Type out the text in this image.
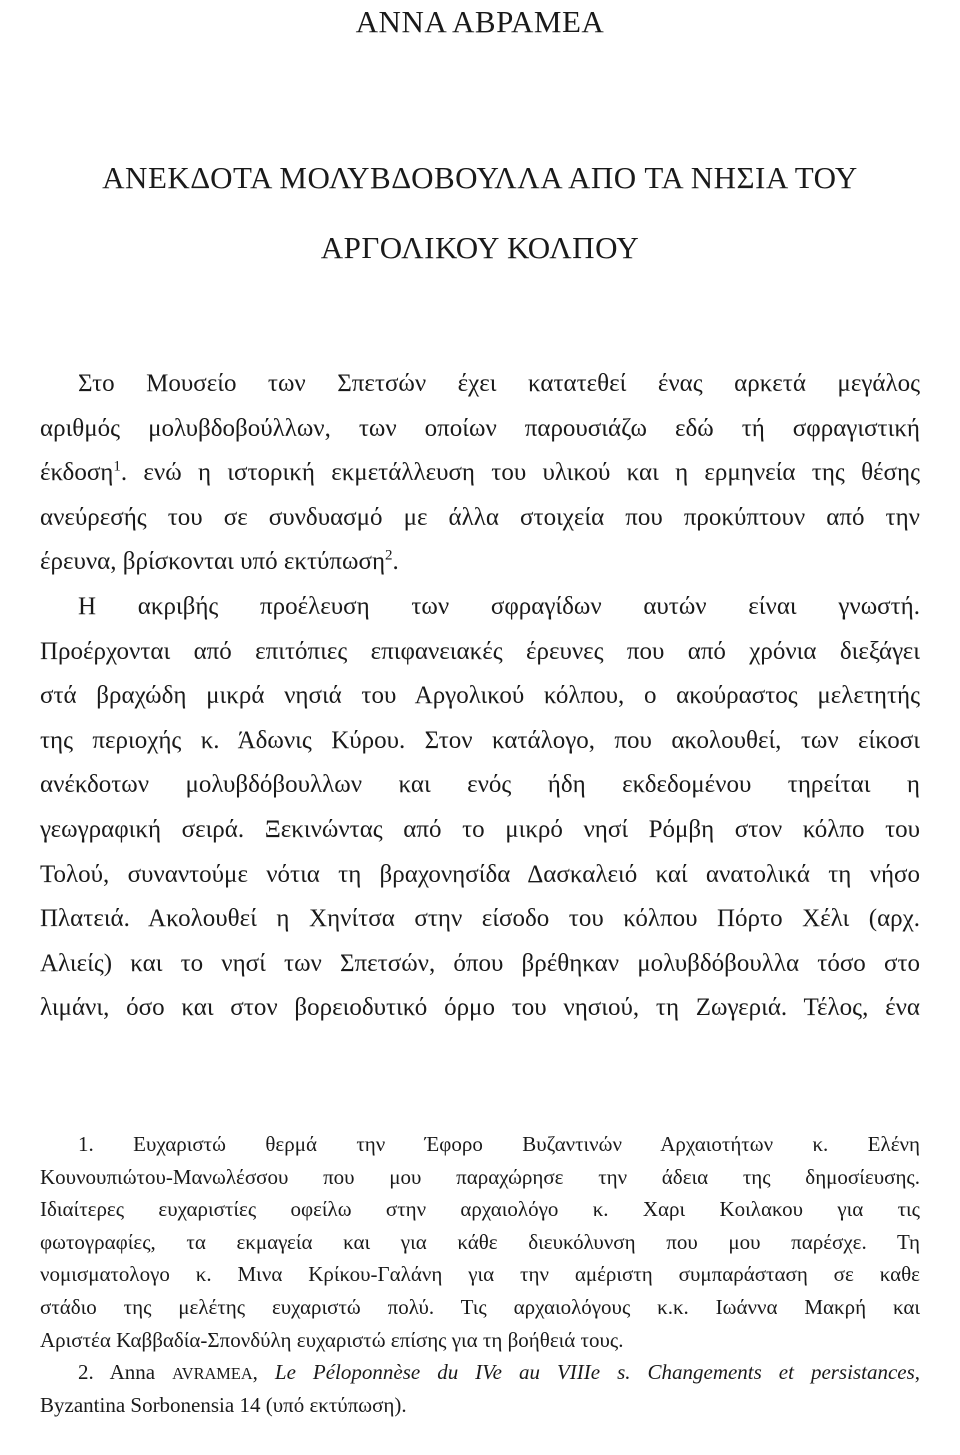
ΑΝΝΑ ΑΒΡΑΜΕΑ
ΑΝΕΚΔΟΤΑ ΜΟΛΥΒΔΟΒΟΥΛΛΑ ΑΠΟ ΤΑ ΝΗΣΙΑ ΤΟΥ
ΑΡΓΟΛΙΚΟΥ ΚΟΛΠΟΥ
Στο Μουσείο των Σπετσών έχει κατατεθεί ένας αρκετά μεγάλος
αριθμός μολυβδοβούλλων, των οποίων παρουσιάζω εδώ τή σφραγιστική
έκδοση$^1$. ενώ η ιστορική εκμετάλλευση του υλικού και η ερμηνεία της θέσης
ανεύρεσής του σε συνδυασμό με άλλα στοιχεία που προκύπτουν από την
έρευνα, βρίσκονται υπό εκτύπωση$^2$.
Η ακριβής προέλευση των σφραγίδων αυτών είναι γνωστή.
Προέρχονται από επιτόπιες επιφανειακές έρευνες που από χρόνια διεξάγει
στά βραχώδη μικρά νησιά του Αργολικού κόλπου, ο ακούραστος μελετητής
της περιοχής κ. Άδωνις Κύρου. Στον κατάλογο, που ακολουθεί, των είκοσι
ανέκδοτων μολυβδόβουλλων και ενός ήδη εκδεδομένου τηρείται η
γεωγραφική σειρά. Ξεκινώντας από το μικρό νησί Ρόμβη στον κόλπο του
Τολού, συναντούμε νότια τη βραχονησίδα Δασκαλειό καί ανατολικά τη νήσο
Πλατειά. Ακολουθεί η Χηνίτσα στην είσοδο του κόλπου Πόρτο Χέλι (αρχ.
Αλιείς) και το νησί των Σπετσών, όπου βρέθηκαν μολυβδόβουλλα τόσο στο
λιμάνι, όσο και στον βορειοδυτικό όρμο του νησιού, τη Ζωγεριά. Τέλος, ένα
1. Ευχαριστώ θερμά την Έφορο Βυζαντινών Αρχαιοτήτων κ. Ελένη
Κουνουπιώτου-Μανωλέσσου που μου παραχώρησε την άδεια της δημοσίευσης.
Ιδιαίτερες ευχαριστίες οφείλω στην αρχαιολόγο κ. Χαρι Κοιλακου για τις
φωτογραφίες, τα εκμαγεία και για κάθε διευκόλυνση που μου παρέσχε. Τη
νομισματολογο κ. Μινα Κρίκου-Γαλάνη για την αμέριστη συμπαράσταση σε καθε
στάδιο της μελέτης ευχαριστώ πολύ. Τις αρχαιολόγους κ.κ. Ιωάννα Μακρή και
Αριστέα Καββαδία-Σπονδύλη ευχαριστώ επίσης για τη βοήθειά τους.
2. Anna AVRAMEA, Le Péloponnèse du IVe au VIIIe s. Changements et persistances,
Byzantina Sorbonensia 14 (υπό εκτύπωση).
